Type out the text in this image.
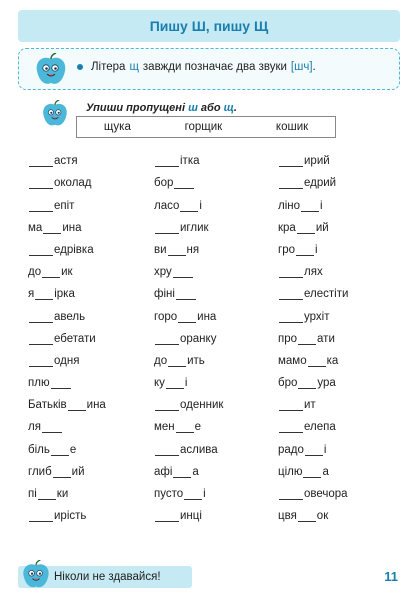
Пишу Ш, пишу Щ
Літера щ завжди позначає два звуки [шч] .
Упиши пропущені ш або щ.
щука	горщик	кошик
астя	ітка	ирий
околад	бор	едрий
епіт	ласо і	ліно і
ма ина	иглик	кра ий
едрівка	ви ня	гро і
до ик	хру	лях
я ірка	фіні	елестіти
авель	горо ина	урхіт
ебетати	оранку	про ати
одня	до ить	мамо ка
плю	ку і	бро ура
Батьків ина	оденник	ит
ля	мен е	елепа
біль е	аслива	радо і
глиб ий	афі а	цілю а
пі ки	пусто і	овечора
ирість	инці	цвя ок
Ніколи не здавайся!	11
